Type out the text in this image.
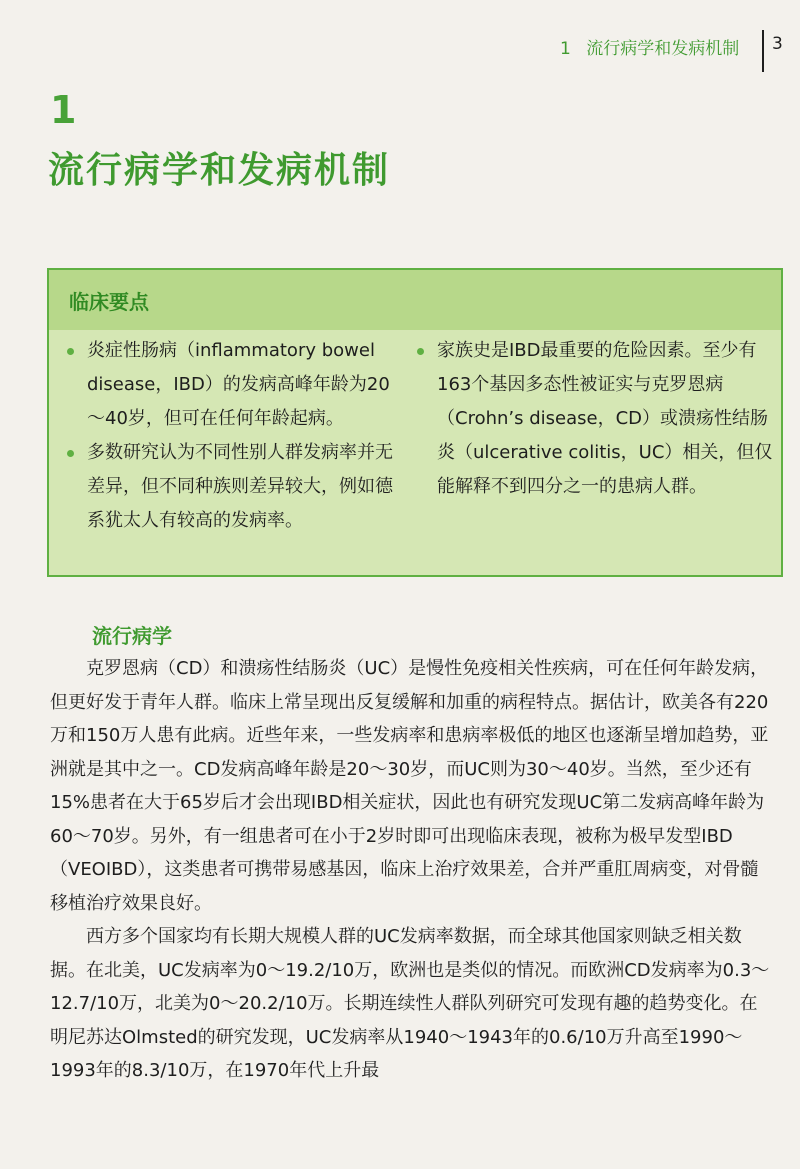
1 流行病学和发病机制 3
1
流行病学和发病机制
临床要点
炎症性肠病（inflammatory bowel disease，IBD）的发病高峰年龄为20～40岁，但可在任何年龄起病。
多数研究认为不同性别人群发病率并无差异，但不同种族则差异较大，例如德系犹太人有较高的发病率。
家族史是IBD最重要的危险因素。至少有163个基因多态性被证实与克罗恩病（Crohn’s disease，CD）或溃疡性结肠炎（ulcerative colitis，UC）相关，但仅能解释不到四分之一的患病人群。
流行病学

克罗恩病（CD）和溃疡性结肠炎（UC）是慢性免疫相关性疾病，可在任何年龄发病，但更好发于青年人群。临床上常呈现出反复缓解和加重的病程特点。据估计，欧美各有220万和150万人患有此病。近些年来，一些发病率和患病率极低的地区也逐渐呈增加趋势，亚洲就是其中之一。CD发病高峰年龄是20～30岁，而UC则为30～40岁。当然，至少还有15%患者在大于65岁后才会出现IBD相关症状，因此也有研究发现UC第二发病高峰年龄为60～70岁。另外，有一组患者可在小于2岁时即可出现临床表现，被称为极早发型IBD（VEOIBD），这类患者可携带易感基因，临床上治疗效果差，合并严重肛周病变，对骨髓移植治疗效果良好。

西方多个国家均有长期大规模人群的UC发病率数据，而全球其他国家则缺乏相关数据。在北美，UC发病率为0～19.2/10万，欧洲也是类似的情况。而欧洲CD发病率为0.3～12.7/10万，北美为0～20.2/10万。长期连续性人群队列研究可发现有趣的趋势变化。在明尼苏达Olmsted的研究发现，UC发病率从1940～1943年的0.6/10万升高至1990～1993年的8.3/10万，在1970年代上升最
